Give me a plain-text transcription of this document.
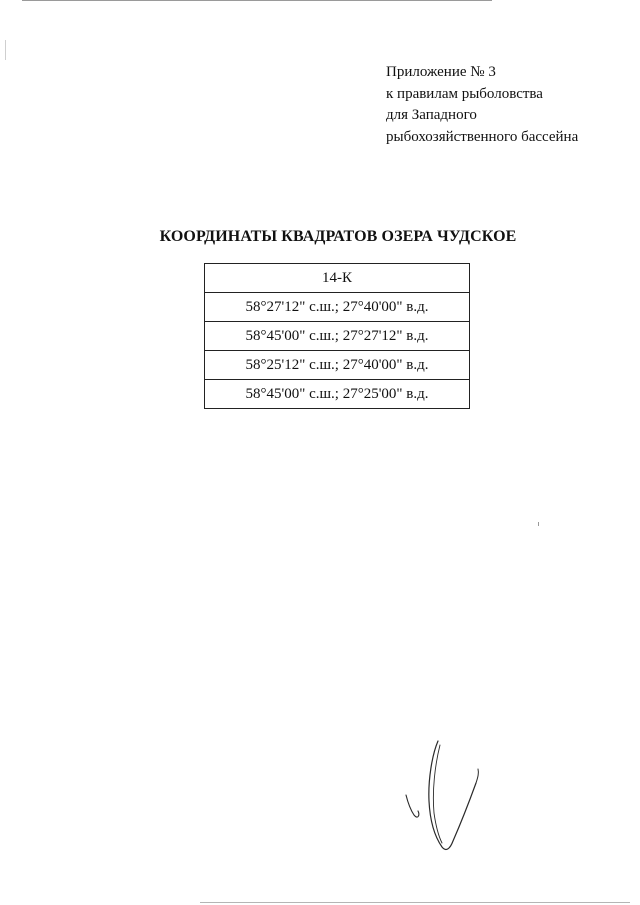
Приложение № 3
к правилам рыболовства
для Западного
рыбохозяйственного бассейна
КООРДИНАТЫ КВАДРАТОВ ОЗЕРА ЧУДСКОЕ
14-К
58°27'12" с.ш.; 27°40'00" в.д.
58°45'00" с.ш.; 27°27'12" в.д.
58°25'12" с.ш.; 27°40'00" в.д.
58°45'00" с.ш.; 27°25'00" в.д.
